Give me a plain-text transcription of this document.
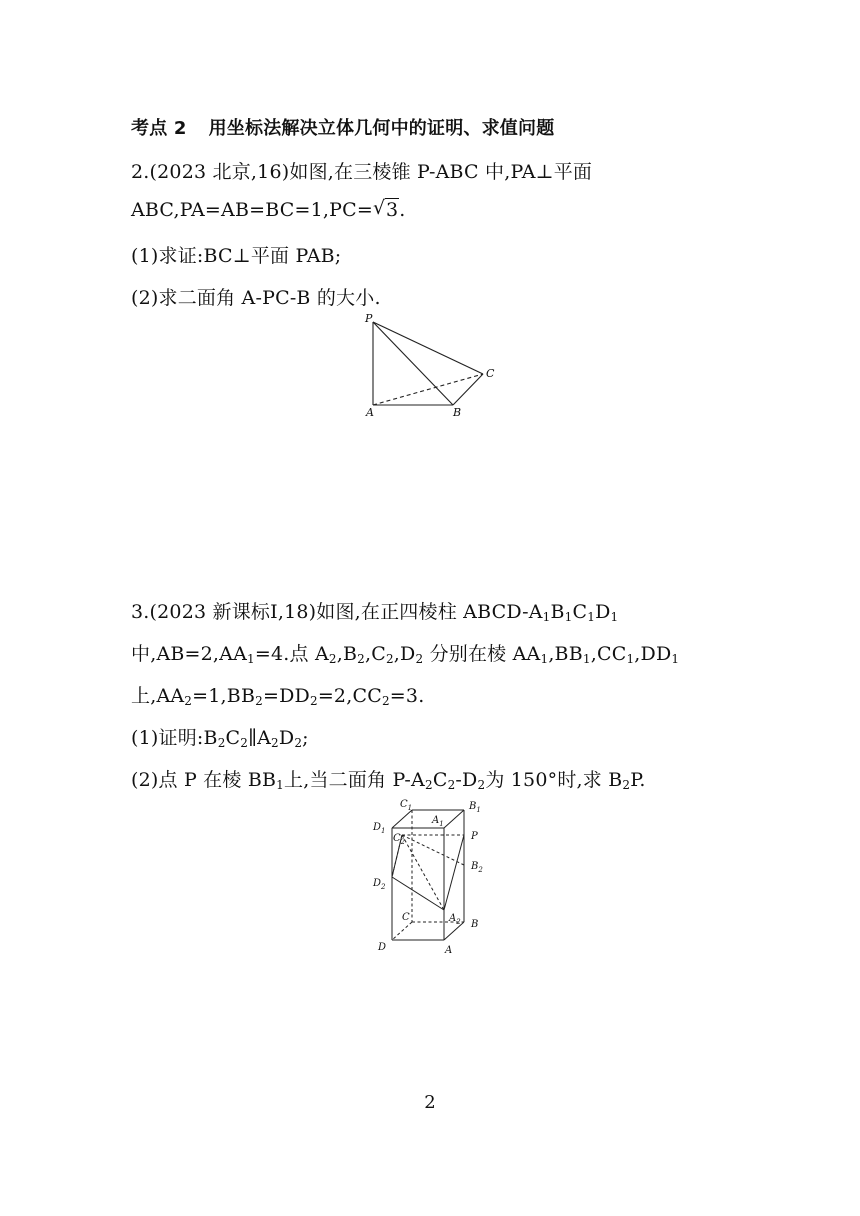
考点 2 用坐标法解决立体几何中的证明、求值问题
2.(2023 北京,16)如图,在三棱锥 P-ABC 中,PA⊥平面
ABC,PA=AB=BC=1,PC= √ 3.
(1)求证:BC⊥平面 PAB;
(2)求二面角 A-PC-B 的大小.
P
A	B
C
3.(2023 新课标Ⅰ,18)如图,在正四棱柱 ABCD-$A_1B_1C_1D_1$
中$,AB=2,AA_1=4$.点 $A_2,B_2,C_2,D_2$ 分别在棱 $AA_1,BB_1,CC_1,DD_1$
上$,AA_2=1,BB_2=DD_2=2,CC_2=3$.
(1)证明$:B_2C_2\parallel A_2D_2$;
(2)点 P 在棱 $BB_1$上,当二面角 $P-A_2C_2-D_2$为 150°时,求 $B_2P$.
$C_1$	$B_1$
$D_1$
$A_1$
$C_2$	P
$B_2$
$D_2$
C	$A_2$ B
D	A
2
